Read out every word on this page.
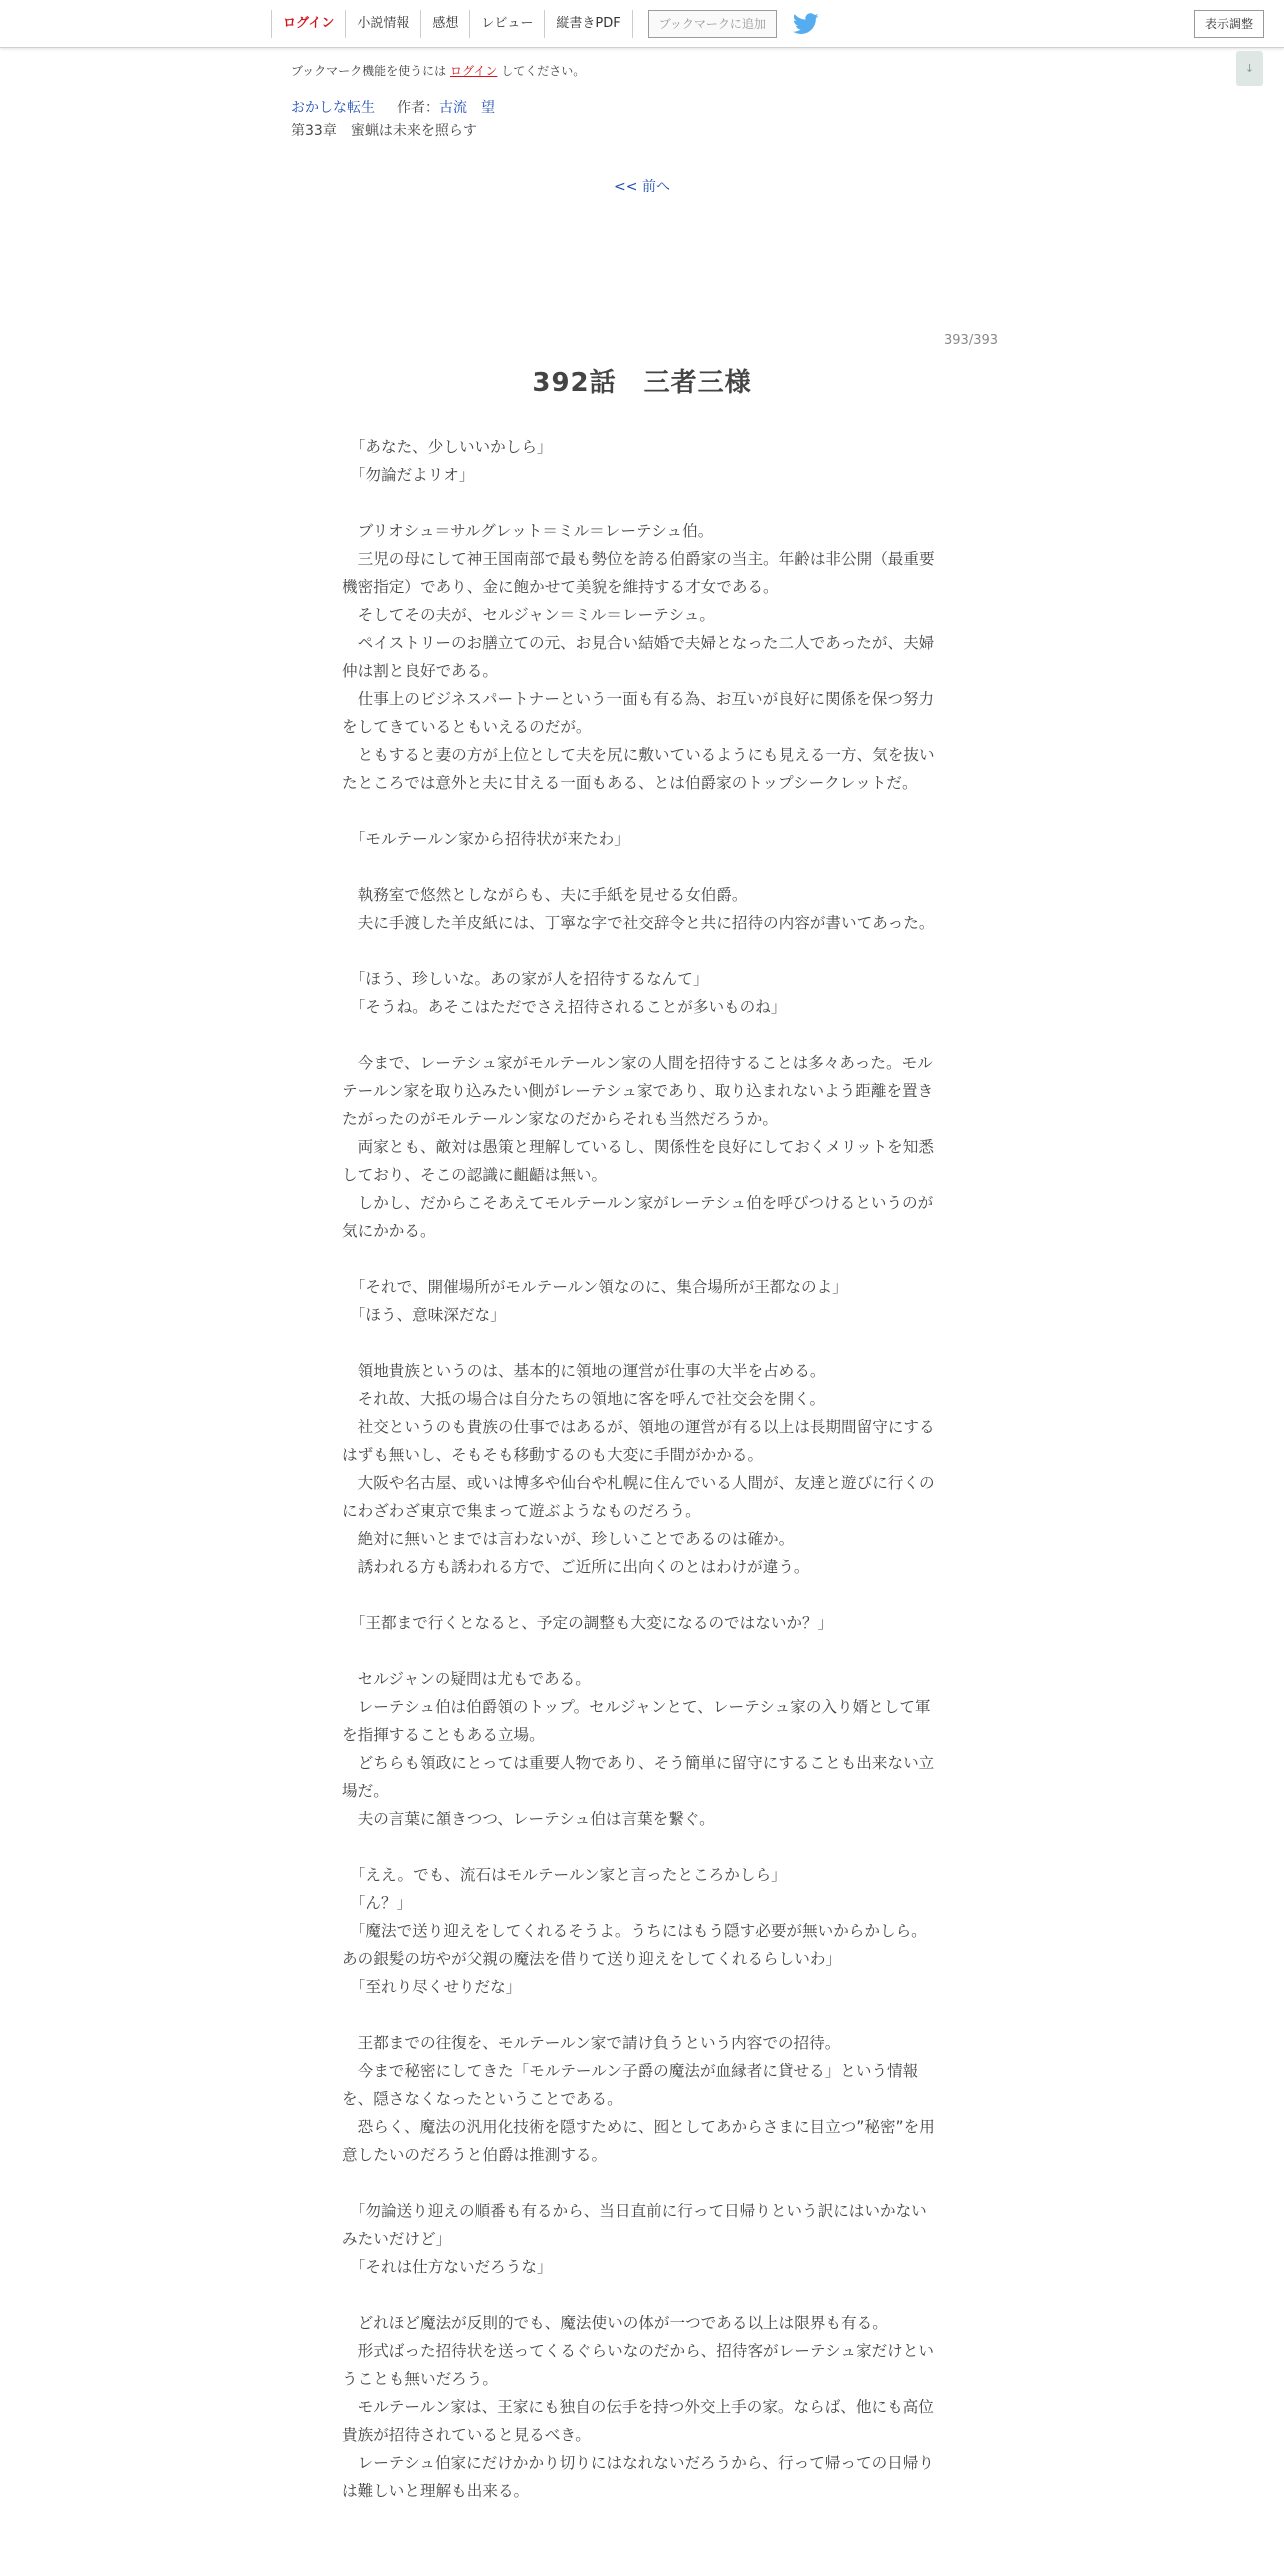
ログイン	小説情報	感想	レビュー	縦書きPDF	ブックマークに追加	表示調整
↓
ブックマーク機能を使うには ログイン してください。
おかしな転生 作者：古流　望
第33章　蜜蝋は未来を照らす
<< 前へ
393/393
392話　三者三様

　「あなた、少しいいかしら」

　「勿論だよリオ」

　ブリオシュ＝サルグレット＝ミル＝レーテシュ伯。

　三児の母にして神王国南部で最も勢位を誇る伯爵家の当主。年齢は非公開（最重要機密指定）であり、金に飽かせて美貌を維持する才女である。

　そしてその夫が、セルジャン＝ミル＝レーテシュ。

　ペイストリーのお膳立ての元、お見合い結婚で夫婦となった二人であったが、夫婦仲は割と良好である。

　仕事上のビジネスパートナーという一面も有る為、お互いが良好に関係を保つ努力をしてきているともいえるのだが。

　ともすると妻の方が上位として夫を尻に敷いているようにも見える一方、気を抜いたところでは意外と夫に甘える一面もある、とは伯爵家のトップシークレットだ。

　「モルテールン家から招待状が来たわ」

　執務室で悠然としながらも、夫に手紙を見せる女伯爵。

　夫に手渡した羊皮紙には、丁寧な字で社交辞令と共に招待の内容が書いてあった。

　「ほう、珍しいな。あの家が人を招待するなんて」

　「そうね。あそこはただでさえ招待されることが多いものね」

　今まで、レーテシュ家がモルテールン家の人間を招待することは多々あった。モルテールン家を取り込みたい側がレーテシュ家であり、取り込まれないよう距離を置きたがったのがモルテールン家なのだからそれも当然だろうか。

　両家とも、敵対は愚策と理解しているし、関係性を良好にしておくメリットを知悉しており、そこの認識に齟齬は無い。

　しかし、だからこそあえてモルテールン家がレーテシュ伯を呼びつけるというのが気にかかる。

　「それで、開催場所がモルテールン領なのに、集合場所が王都なのよ」

　「ほう、意味深だな」

　領地貴族というのは、基本的に領地の運営が仕事の大半を占める。

　それ故、大抵の場合は自分たちの領地に客を呼んで社交会を開く。

　社交というのも貴族の仕事ではあるが、領地の運営が有る以上は長期間留守にするはずも無いし、そもそも移動するのも大変に手間がかかる。

　大阪や名古屋、或いは博多や仙台や札幌に住んでいる人間が、友達と遊びに行くのにわざわざ東京で集まって遊ぶようなものだろう。

　絶対に無いとまでは言わないが、珍しいことであるのは確か。

　誘われる方も誘われる方で、ご近所に出向くのとはわけが違う。

　「王都まで行くとなると、予定の調整も大変になるのではないか？」

　セルジャンの疑問は尤もである。

　レーテシュ伯は伯爵領のトップ。セルジャンとて、レーテシュ家の入り婿として軍を指揮することもある立場。

　どちらも領政にとっては重要人物であり、そう簡単に留守にすることも出来ない立場だ。

　夫の言葉に頷きつつ、レーテシュ伯は言葉を繋ぐ。

　「ええ。でも、流石はモルテールン家と言ったところかしら」

　「ん？」

　「魔法で送り迎えをしてくれるそうよ。うちにはもう隠す必要が無いからかしら。あの銀髪の坊やが父親の魔法を借りて送り迎えをしてくれるらしいわ」

　「至れり尽くせりだな」

　王都までの往復を、モルテールン家で請け負うという内容での招待。

　今まで秘密にしてきた「モルテールン子爵の魔法が血縁者に貸せる」という情報を、隠さなくなったということである。

　恐らく、魔法の汎用化技術を隠すために、囮としてあからさまに目立つ”秘密”を用意したいのだろうと伯爵は推測する。

　「勿論送り迎えの順番も有るから、当日直前に行って日帰りという訳にはいかないみたいだけど」

　「それは仕方ないだろうな」

　どれほど魔法が反則的でも、魔法使いの体が一つである以上は限界も有る。

　形式ばった招待状を送ってくるぐらいなのだから、招待客がレーテシュ家だけということも無いだろう。

　モルテールン家は、王家にも独自の伝手を持つ外交上手の家。ならば、他にも高位貴族が招待されていると見るべき。

　レーテシュ伯家にだけかかり切りにはなれないだろうから、行って帰っての日帰りは難しいと理解も出来る。
